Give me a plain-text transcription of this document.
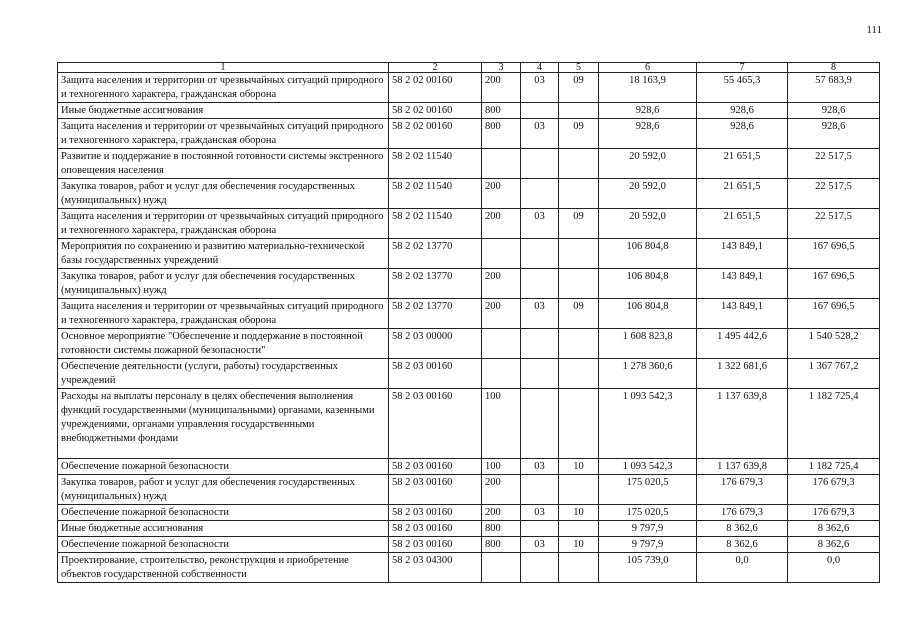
111
1	2	3	4	5	6	7	8
Защита населения и территории от чрезвычайных ситуаций природного и техногенного характера, гражданская оборона	58 2 02 00160	200	03	09	18 163,9	55 465,3	57 683,9
Иные бюджетные ассигнования	58 2 02 00160	800			928,6	928,6	928,6
Защита населения и территории от чрезвычайных ситуаций природного и техногенного характера, гражданская оборона	58 2 02 00160	800	03	09	928,6	928,6	928,6
Развитие и поддержание в постоянной готовности системы экстренного оповещения населения	58 2 02 11540				20 592,0	21 651,5	22 517,5
Закупка товаров, работ и услуг для обеспечения государственных (муниципальных) нужд	58 2 02 11540	200			20 592,0	21 651,5	22 517,5
Защита населения и территории от чрезвычайных ситуаций природного и техногенного характера, гражданская оборона	58 2 02 11540	200	03	09	20 592,0	21 651,5	22 517,5
Мероприятия по сохранению и развитию материально-технической базы государственных учреждений	58 2 02 13770				106 804,8	143 849,1	167 696,5
Закупка товаров, работ и услуг для обеспечения государственных (муниципальных) нужд	58 2 02 13770	200			106 804,8	143 849,1	167 696,5
Защита населения и территории от чрезвычайных ситуаций природного и техногенного характера, гражданская оборона	58 2 02 13770	200	03	09	106 804,8	143 849,1	167 696,5
Основное мероприятие "Обеспечение и поддержание в постоянной готовности системы пожарной безопасности"	58 2 03 00000				1 608 823,8	1 495 442,6	1 540 528,2
Обеспечение деятельности (услуги, работы) государственных учреждений	58 2 03 00160				1 278 360,6	1 322 681,6	1 367 767,2
Расходы на выплаты персоналу в целях обеспечения выполнения функций государственными (муниципальными) органами, казенными учреждениями, органами управления государственными внебюджетными фондами	58 2 03 00160	100			1 093 542,3	1 137 639,8	1 182 725,4
Обеспечение пожарной безопасности	58 2 03 00160	100	03	10	1 093 542,3	1 137 639,8	1 182 725,4
Закупка товаров, работ и услуг для обеспечения государственных (муниципальных) нужд	58 2 03 00160	200			175 020,5	176 679,3	176 679,3
Обеспечение пожарной безопасности	58 2 03 00160	200	03	10	175 020,5	176 679,3	176 679,3
Иные бюджетные ассигнования	58 2 03 00160	800			9 797,9	8 362,6	8 362,6
Обеспечение пожарной безопасности	58 2 03 00160	800	03	10	9 797,9	8 362,6	8 362,6
Проектирование, строительство, реконструкция и приобретение объектов государственной собственности	58 2 03 04300				105 739,0	0,0	0,0
